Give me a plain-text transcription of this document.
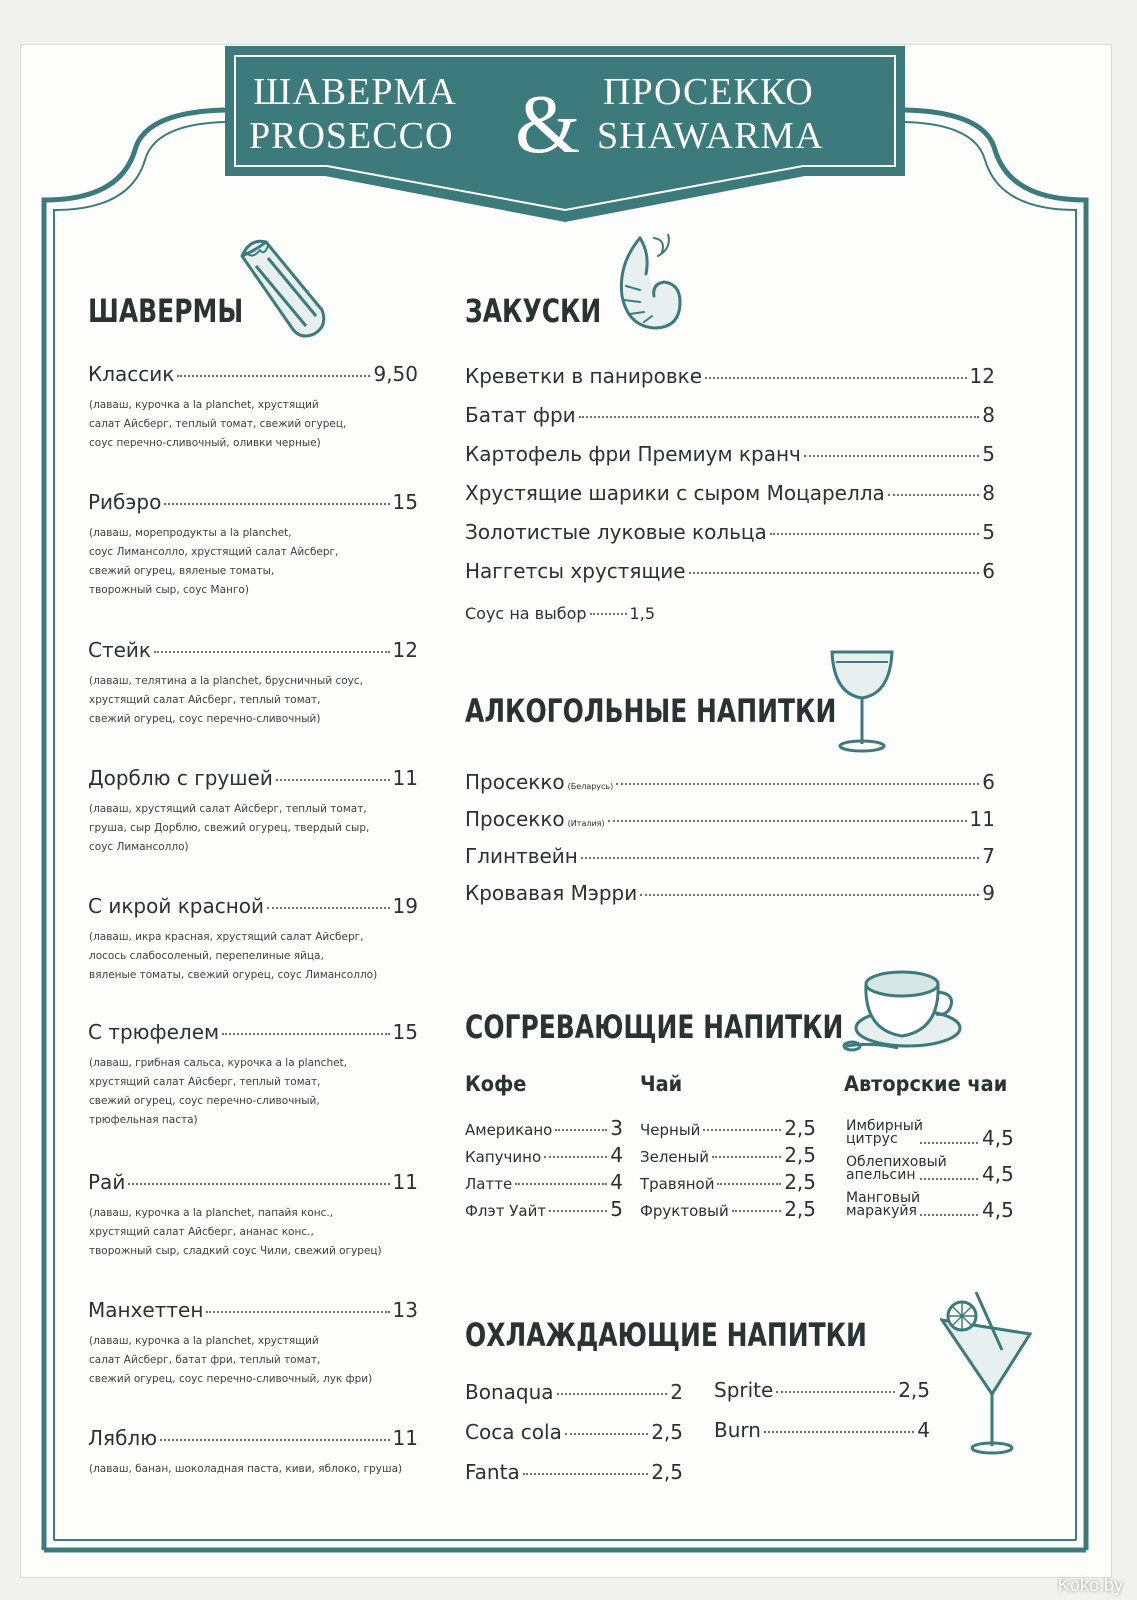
ШАВЕРМА
PROSECCO & ПРОСЕККО
SHAWARMA
ШАВЕРМЫ
Классик	9,50
(лаваш, курочка а la planchet, хрустящий
салат Айсберг, теплый томат, свежий огурец,
соус перечно-сливочный, оливки черные)
Рибэро	15
(лаваш, морепродукты а la planchet,
соус Лимансолло, хрустящий салат Айсберг,
свежий огурец, вяленые томаты,
творожный сыр, соус Манго)
Стейк	12
(лаваш, телятина а la planchet, брусничный соус,
хрустящий салат Айсберг, теплый томат,
свежий огурец, соус перечно-сливочный)
Дорблю с грушей	11
(лаваш, хрустящий салат Айсберг, теплый томат,
груша, сыр Дорблю, свежий огурец, твердый сыр,
соус Лимансолло)
С икрой красной	19
(лаваш, икра красная, хрустящий салат Айсберг,
лосось слабосоленый, перепелиные яйца,
вяленые томаты, свежий огурец, соус Лимансолло)
С трюфелем	15
(лаваш, грибная сальса, курочка а la planchet,
хрустящий салат Айсберг, теплый томат,
свежий огурец, соус перечно-сливочный,
трюфельная паста)
Рай	11
(лаваш, курочка а la planchet, папайя конс.,
хрустящий салат Айсберг, ананас конс.,
творожный сыр, сладкий соус Чили, свежий огурец)
Манхеттен	13
(лаваш, курочка а la planchet, хрустящий
салат Айсберг, батат фри, теплый томат,
свежий огурец, соус перечно-сливочный, лук фри)
Ляблю	11
(лаваш, банан, шоколадная паста, киви, яблоко, груша)
ЗАКУСКИ
Креветки в панировке	12
Батат фри	8
Картофель фри Премиум кранч	5
Хрустящие шарики с сыром Моцарелла	8
Золотистые луковые кольца	5
Наггетсы хрустящие	6
Соус на выбор	1,5
АЛКОГОЛЬНЫЕ НАПИТКИ
Просекко (Беларусь)	6
Просекко (Италия)	11
Глинтвейн	7
Кровавая Мэрри	9
СОГРЕВАЮЩИЕ НАПИТКИ
Кофе	Чай	Авторские чаи
Американо	3
Капучино	4
Латте	4
Флэт Уайт	5
Черный	2,5
Зеленый	2,5
Травяной	2,5
Фруктовый	2,5
Имбирный
цитрус	4,5
Облепиховый
апельсин	4,5
Манговый
маракуйя	4,5
ОХЛАЖДАЮЩИЕ НАПИТКИ
Bonaqua	2
Coca cola	2,5
Fanta	2,5
Sprite	2,5
Burn	4
Koko.by
